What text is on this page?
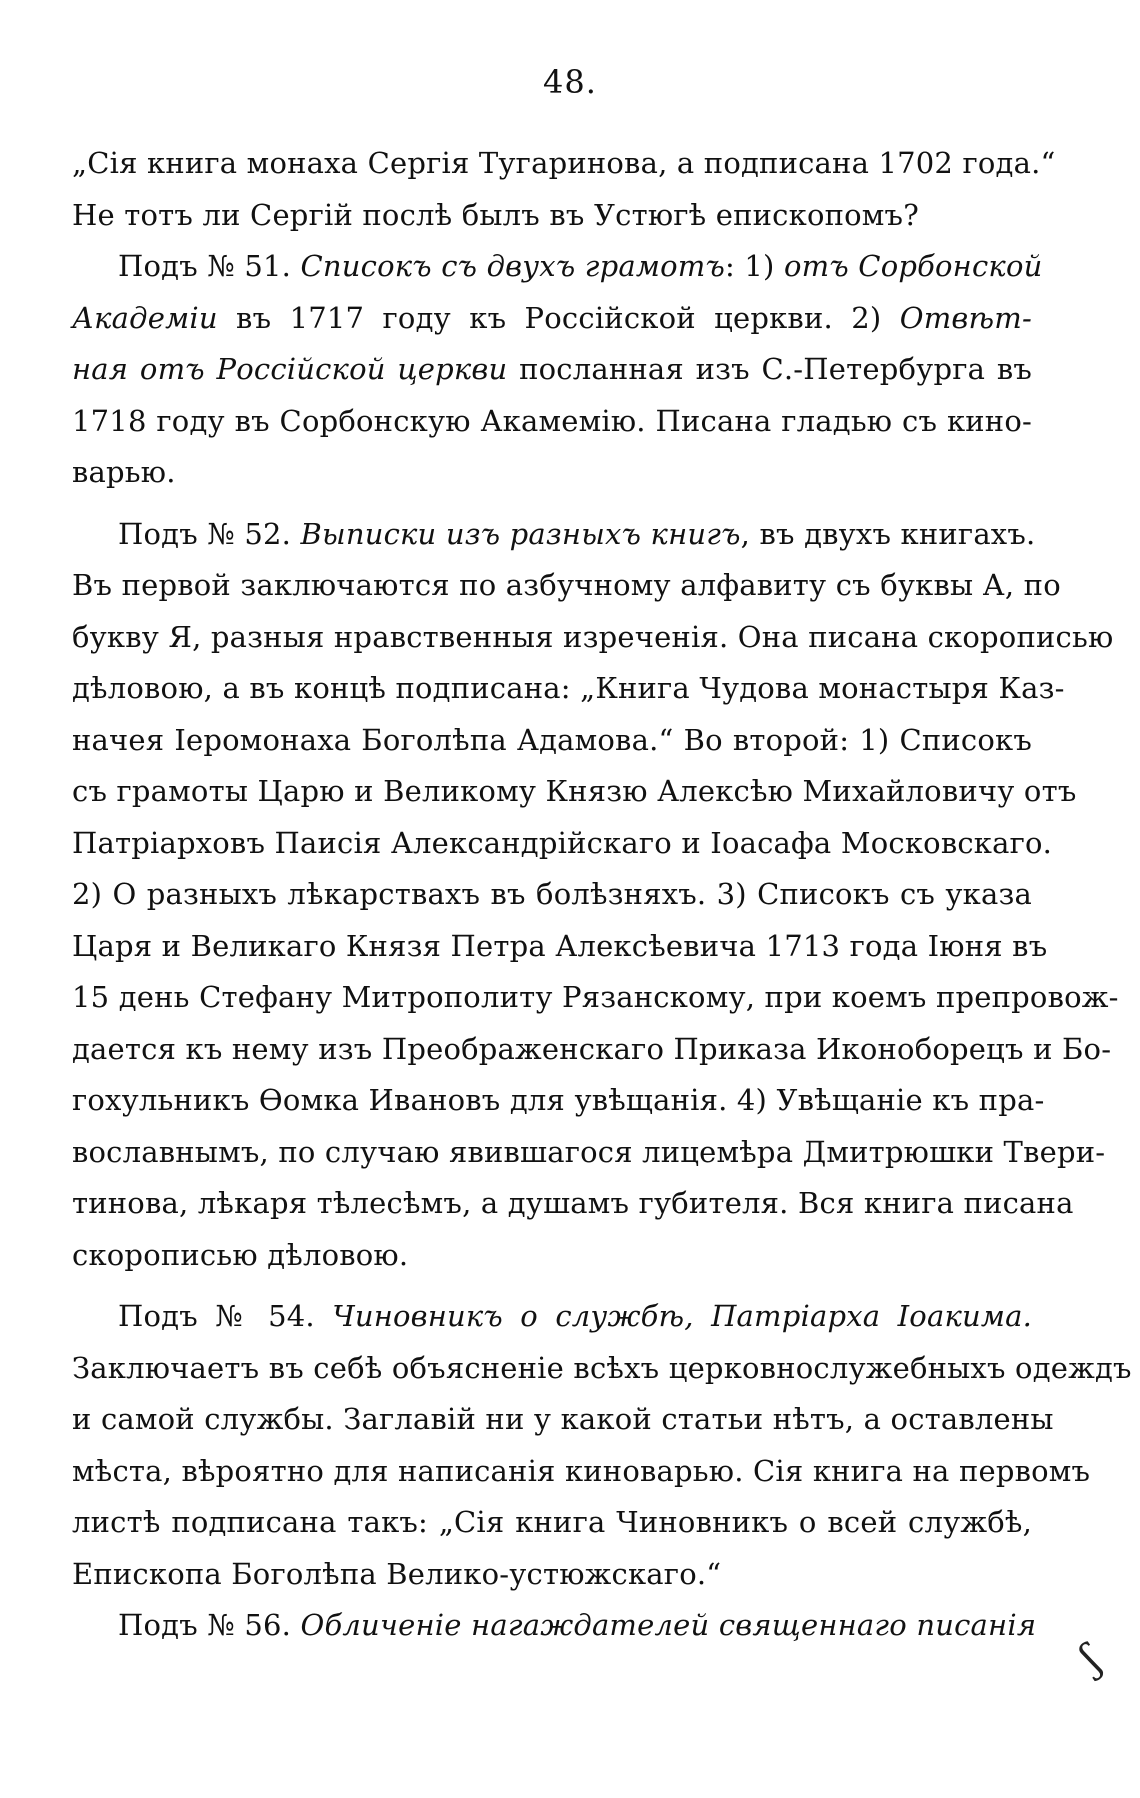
48.
„Сія книга монаха Сергія Тугаринова, а подписана 1702 года.“
Не тотъ ли Сергій послѣ былъ въ Устюгѣ епископомъ?
Подъ № 51. Списокъ съ двухъ грамотъ: 1) отъ Сорбонской
Академіи въ 1717 году къ Россійской церкви. 2) Отвѣт-
ная отъ Россійской церкви посланная изъ С.-Петербурга въ
1718 году въ Сорбонскую Акамемію. Писана гладью съ кино-
варью.
Подъ № 52. Выписки изъ разныхъ книгъ, въ двухъ книгахъ.
Въ первой заключаются по азбучному алфавиту съ буквы А, по
букву Я, разныя нравственныя изреченія. Она писана скорописью
дѣловою, а въ концѣ подписана: „Книга Чудова монастыря Каз-
начея Іеромонаха Боголѣпа Адамова.“ Во второй: 1) Списокъ
съ грамоты Царю и Великому Князю Алексѣю Михайловичу отъ
Патріарховъ Паисія Александрійскаго и Іоасафа Московскаго.
2) О разныхъ лѣкарствахъ въ болѣзняхъ. 3) Списокъ съ указа
Царя и Великаго Князя Петра Алексѣевича 1713 года Іюня въ
15 день Стефану Митрополиту Рязанскому, при коемъ препровож-
дается къ нему изъ Преображенскаго Приказа Иконоборецъ и Бо-
гохульникъ Ѳомка Ивановъ для увѣщанія. 4) Увѣщаніе къ пра-
вославнымъ, по случаю явившагося лицемѣра Дмитрюшки Твери-
тинова, лѣкаря тѣлесѣмъ, а душамъ губителя. Вся книга писана
скорописью дѣловою.
Подъ № 54. Чиновникъ о службѣ, Патріарха Іоакима.
Заключаетъ въ себѣ объясненіе всѣхъ церковнослужебныхъ одеждъ
и самой службы. Заглавій ни у какой статьи нѣтъ, а оставлены
мѣста, вѣроятно для написанія киноварью. Сія книга на первомъ
листѣ подписана такъ: „Сія книга Чиновникъ о всей службѣ,
Епископа Боголѣпа Велико-устюжскаго.“
Подъ № 56. Обличеніе нагаждателей священнаго писанія
ʃ
